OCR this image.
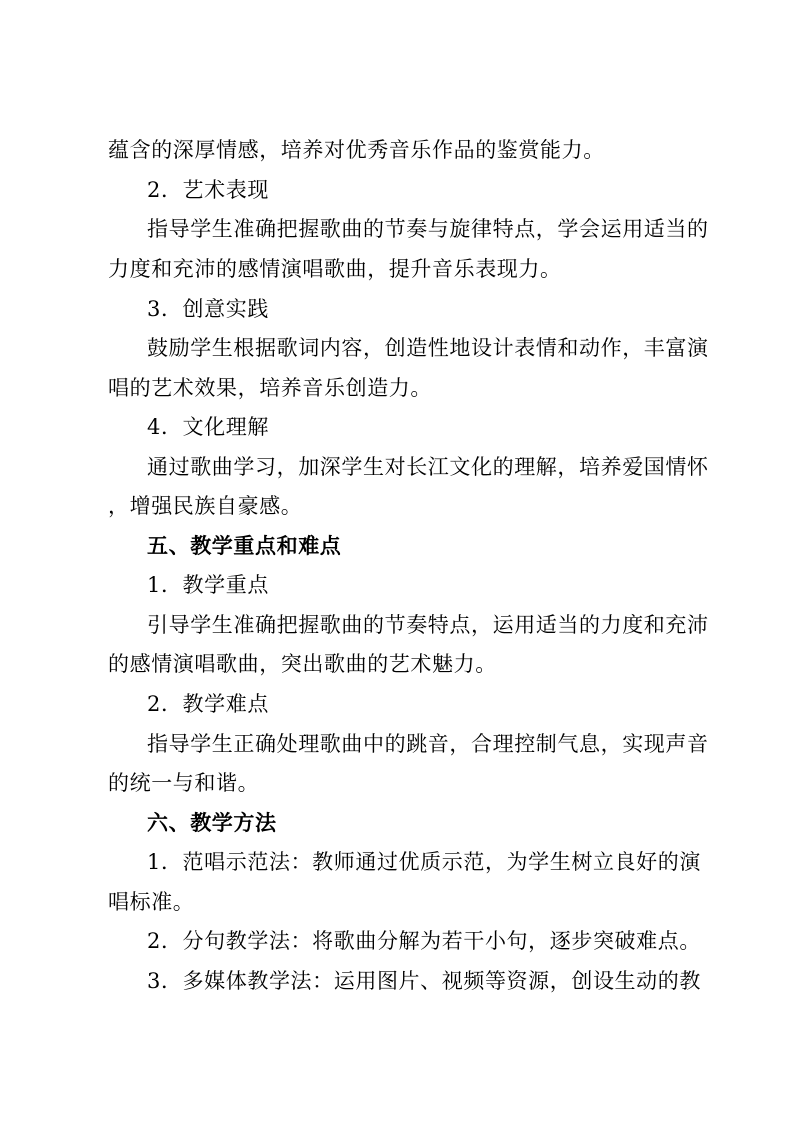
蕴含的深厚情感，培养对优秀音乐作品的鉴赏能力。
2．艺术表现
指导学生准确把握歌曲的节奏与旋律特点，学会运用适当的
力度和充沛的感情演唱歌曲，提升音乐表现力。
3．创意实践
鼓励学生根据歌词内容，创造性地设计表情和动作，丰富演
唱的艺术效果，培养音乐创造力。
4．文化理解
通过歌曲学习，加深学生对长江文化的理解，培养爱国情怀
，增强民族自豪感。
五、教学重点和难点
1．教学重点
引导学生准确把握歌曲的节奏特点，运用适当的力度和充沛
的感情演唱歌曲，突出歌曲的艺术魅力。
2．教学难点
指导学生正确处理歌曲中的跳音，合理控制气息，实现声音
的统一与和谐。
六、教学方法
1．范唱示范法：教师通过优质示范，为学生树立良好的演
唱标准。
2．分句教学法：将歌曲分解为若干小句，逐步突破难点。
3．多媒体教学法：运用图片、视频等资源，创设生动的教
